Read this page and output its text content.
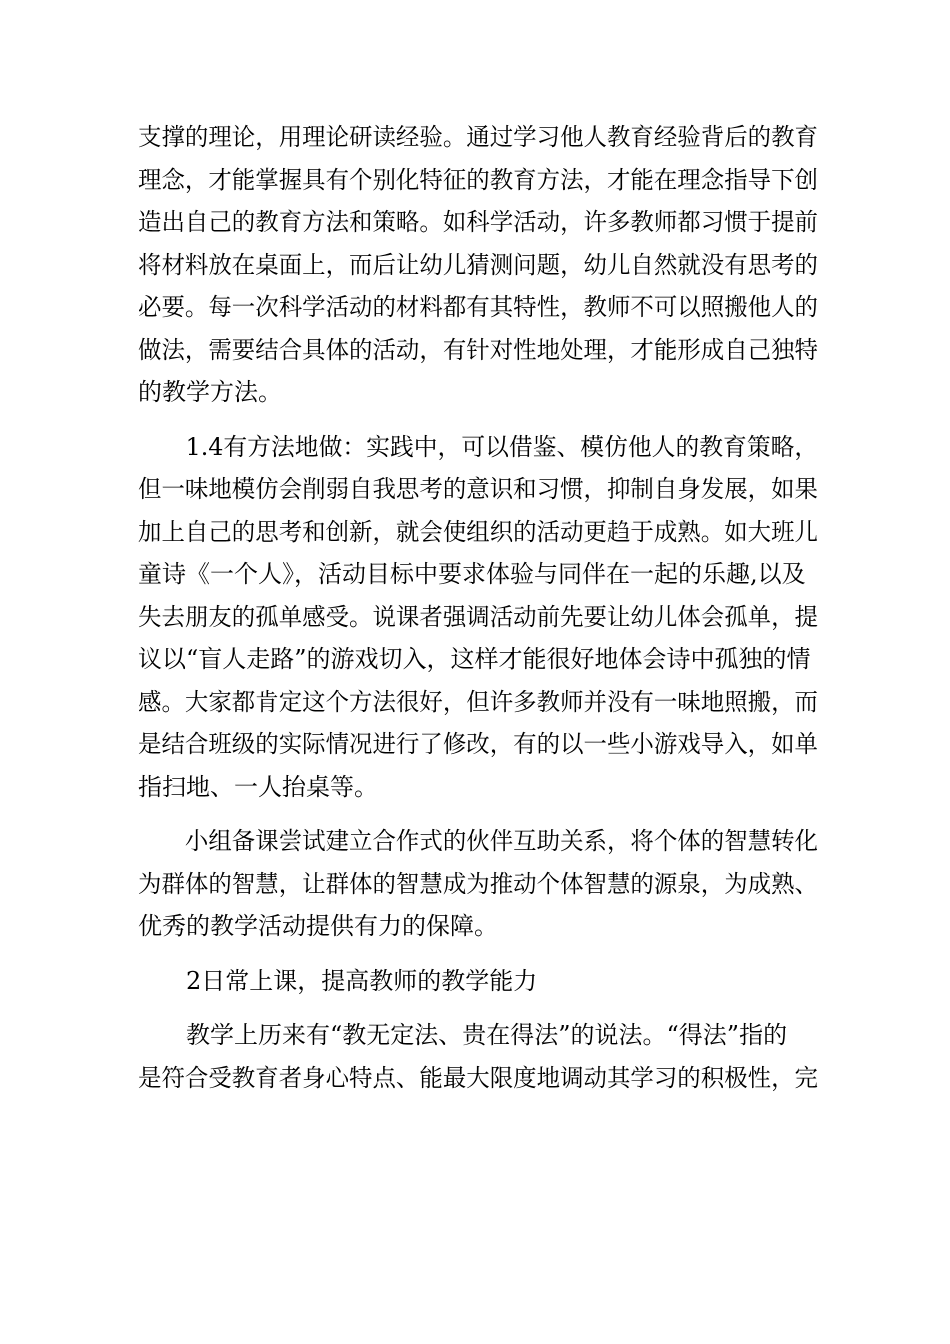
支撑的理论，用理论研读经验。通过学习他人教育经验背后的教育
理念，才能掌握具有个别化特征的教育方法，才能在理念指导下创
造出自己的教育方法和策略。如科学活动，许多教师都习惯于提前
将材料放在桌面上，而后让幼儿猜测问题，幼儿自然就没有思考的
必要。每一次科学活动的材料都有其特性，教师不可以照搬他人的
做法，需要结合具体的活动，有针对性地处理，才能形成自己独特
的教学方法。

　　1.4有方法地做：实践中，可以借鉴、模仿他人的教育策略，
但一味地模仿会削弱自我思考的意识和习惯，抑制自身发展，如果
加上自己的思考和创新，就会使组织的活动更趋于成熟。如大班儿
童诗《一个人》，活动目标中要求体验与同伴在一起的乐趣,以及
失去朋友的孤单感受。说课者强调活动前先要让幼儿体会孤单，提
议以“盲人走路”的游戏切入，这样才能很好地体会诗中孤独的情
感。大家都肯定这个方法很好，但许多教师并没有一味地照搬，而
是结合班级的实际情况进行了修改，有的以一些小游戏导入，如单
指扫地、一人抬桌等。

　　小组备课尝试建立合作式的伙伴互助关系，将个体的智慧转化
为群体的智慧，让群体的智慧成为推动个体智慧的源泉，为成熟、
优秀的教学活动提供有力的保障。

　　2日常上课，提高教师的教学能力

　　教学上历来有“教无定法、贵在得法”的说法。“得法”指的
是符合受教育者身心特点、能最大限度地调动其学习的积极性，完
